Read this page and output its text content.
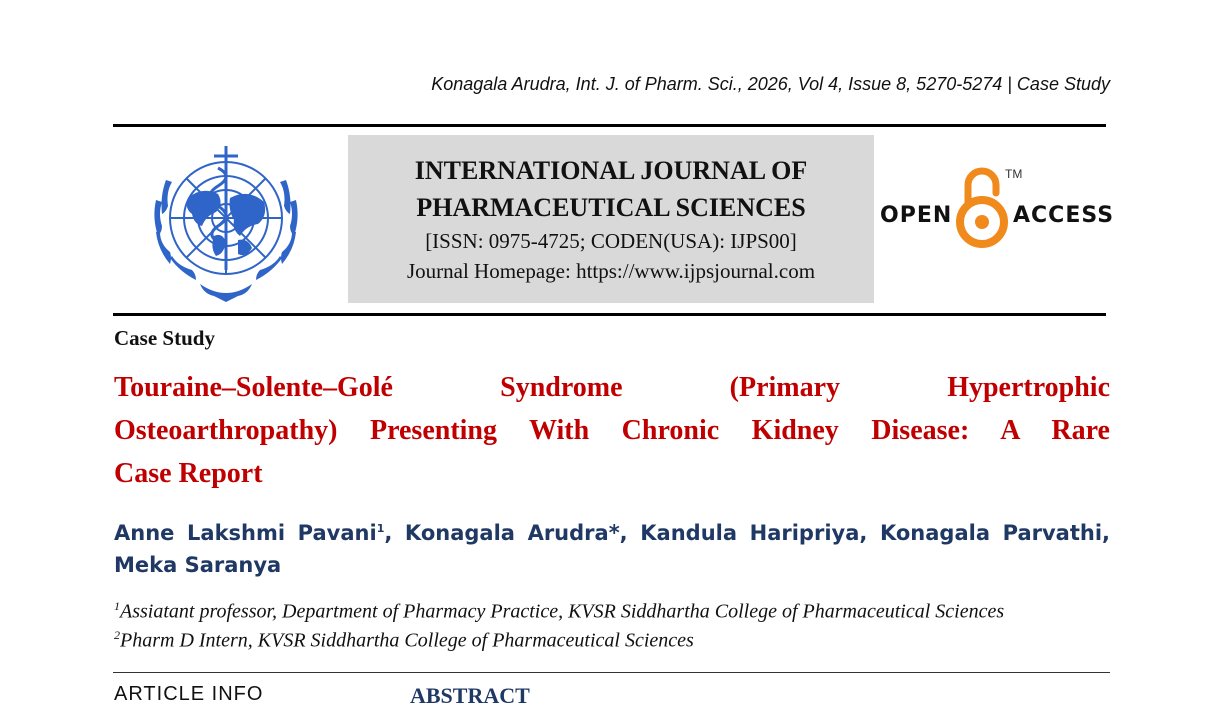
Konagala Arudra, Int. J. of Pharm. Sci., 2026, Vol 4, Issue 8, 5270-5274 | Case Study
INTERNATIONAL JOURNAL OF
PHARMACEUTICAL SCIENCES
[ISSN: 0975-4725; CODEN(USA): IJPS00]
Journal Homepage: https://www.ijpsjournal.com
OPEN
TM
ACCESS
Case Study
Touraine–Solente–Golé Syndrome (Primary Hypertrophic
Osteoarthropathy) Presenting With Chronic Kidney Disease: A Rare
Case Report
Anne Lakshmi Pavani$^1$, Konagala Arudra*, Kandula Haripriya, Konagala Parvathi,
Meka Saranya
$^1$Assiatant professor, Department of Pharmacy Practice, KVSR Siddhartha College of Pharmaceutical Sciences
$^2$Pharm D Intern, KVSR Siddhartha College of Pharmaceutical Sciences
ARTICLE INFO	ABSTRACT
